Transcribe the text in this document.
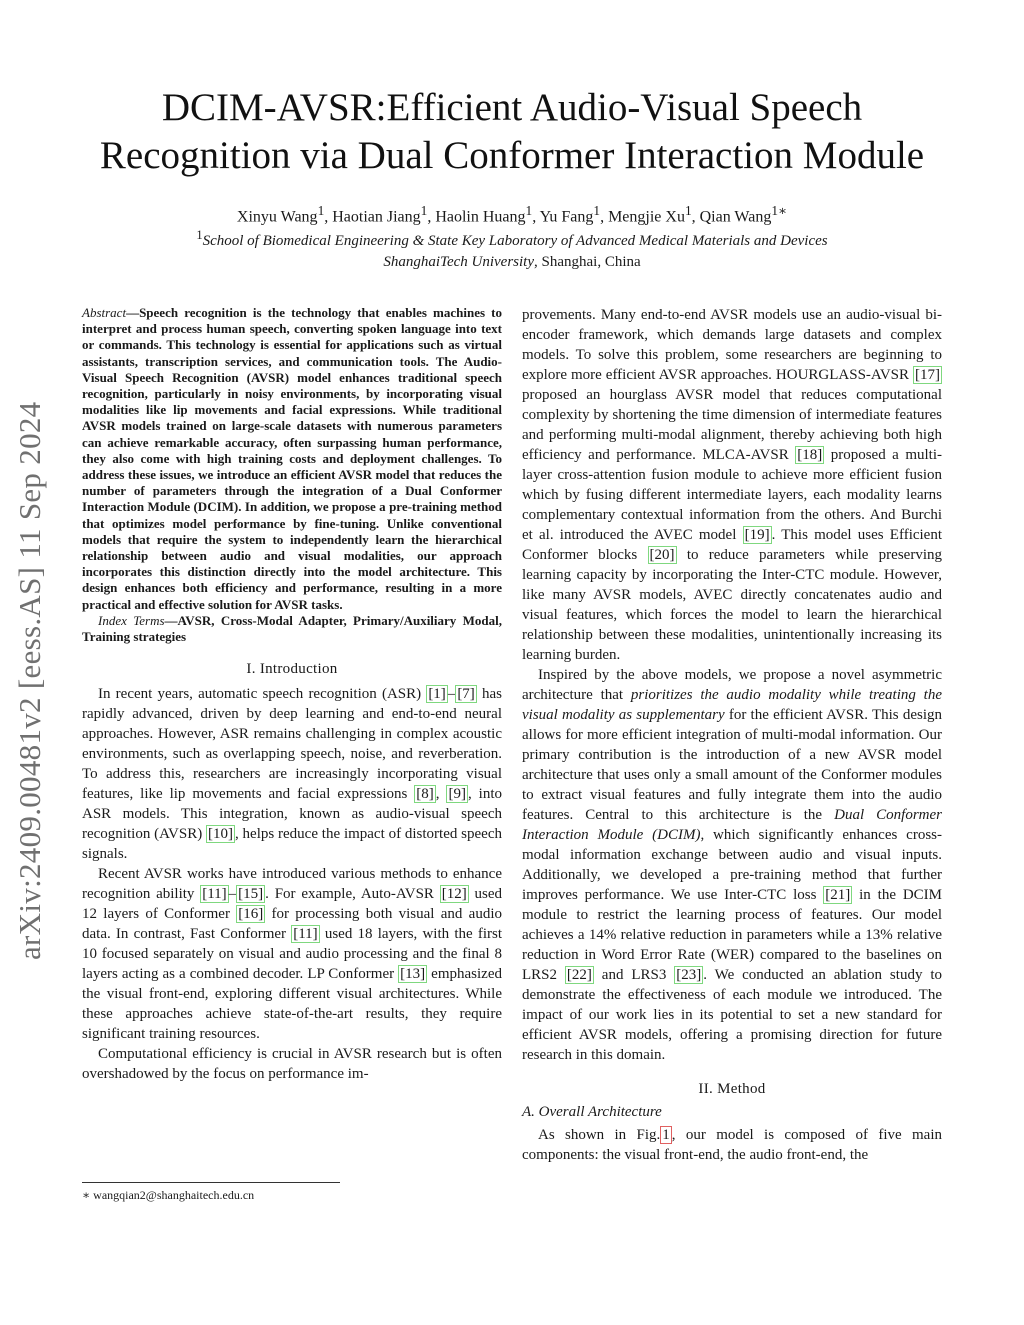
arXiv:2409.00481v2 [eess.AS] 11 Sep 2024
DCIM-AVSR:Efficient Audio-Visual Speech
Recognition via Dual Conformer Interaction Module
Xinyu Wang$^1$, Haotian Jiang$^1$, Haolin Huang$^1$, Yu Fang$^1$, Mengjie Xu$^1$, Qian Wang$^{1∗}$
$^1$School of Biomedical Engineering & State Key Laboratory of Advanced Medical Materials and Devices
ShanghaiTech University, Shanghai, China

Abstract—Speech recognition is the technology that enables machines to interpret and process human speech, converting spoken language into text or commands. This technology is essential for applications such as virtual assistants, transcription services, and communication tools. The Audio-Visual Speech Recognition (AVSR) model enhances traditional speech recognition, particularly in noisy environments, by incorporating visual modalities like lip movements and facial expressions. While traditional AVSR models trained on large-scale datasets with numerous parameters can achieve remarkable accuracy, often surpassing human performance, they also come with high training costs and deployment challenges. To address these issues, we introduce an efficient AVSR model that reduces the number of parameters through the integration of a Dual Conformer Interaction Module (DCIM). In addition, we propose a pre-training method that optimizes model performance by fine-tuning. Unlike conventional models that require the system to independently learn the hierarchical relationship between audio and visual modalities, our approach incorporates this distinction directly into the model architecture. This design enhances both efficiency and performance, resulting in a more practical and effective solution for AVSR tasks.

Index Terms—AVSR, Cross-Modal Adapter, Primary/Auxiliary Modal, Training strategies

I. Introduction

In recent years, automatic speech recognition (ASR) [1] – [7] has rapidly advanced, driven by deep learning and end-to-end neural approaches. However, ASR remains challenging in complex acoustic environments, such as overlapping speech, noise, and reverberation. To address this, researchers are increasingly incorporating visual features, like lip movements and facial expressions [8] , [9] , into ASR models. This integration, known as audio-visual speech recognition (AVSR) [10] , helps reduce the impact of distorted speech signals.

Recent AVSR works have introduced various methods to enhance recognition ability [11] – [15] . For example, Auto-AVSR [12] used 12 layers of Conformer [16] for processing both visual and audio data. In contrast, Fast Conformer [11] used 18 layers, with the first 10 focused separately on visual and audio processing and the final 8 layers acting as a combined decoder. LP Conformer [13] emphasized the visual front-end, exploring different visual architectures. While these approaches achieve state-of-the-art results, they require significant training resources.

Computational efficiency is crucial in AVSR research but is often overshadowed by the focus on performance im-

provements. Many end-to-end AVSR models use an audio-visual bi-encoder framework, which demands large datasets and complex models. To solve this problem, some researchers are beginning to explore more efficient AVSR approaches. HOURGLASS-AVSR [17] proposed an hourglass AVSR model that reduces computational complexity by shortening the time dimension of intermediate features and performing multi-modal alignment, thereby achieving both high efficiency and performance. MLCA-AVSR [18] proposed a multi-layer cross-attention fusion module to achieve more efficient fusion which by fusing different intermediate layers, each modality learns complementary contextual information from the others. And Burchi et al. introduced the AVEC model [19] . This model uses Efficient Conformer blocks [20] to reduce parameters while preserving learning capacity by incorporating the Inter-CTC module. However, like many AVSR models, AVEC directly concatenates audio and visual features, which forces the model to learn the hierarchical relationship between these modalities, unintentionally increasing its learning burden.

Inspired by the above models, we propose a novel asymmetric architecture that prioritizes the audio modality while treating the visual modality as supplementary for the efficient AVSR. This design allows for more efficient integration of multi-modal information. Our primary contribution is the introduction of a new AVSR model architecture that uses only a small amount of the Conformer modules to extract visual features and fully integrate them into the audio features. Central to this architecture is the Dual Conformer Interaction Module (DCIM), which significantly enhances cross-modal information exchange between audio and visual inputs. Additionally, we developed a pre-training method that further improves performance. We use Inter-CTC loss [21] in the DCIM module to restrict the learning process of features. Our model achieves a 14% relative reduction in parameters while a 13% relative reduction in Word Error Rate (WER) compared to the baselines on LRS2 [22] and LRS3 [23] . We conducted an ablation study to demonstrate the effectiveness of each module we introduced. The impact of our work lies in its potential to set a new standard for efficient AVSR models, offering a promising direction for future research in this domain.

II. Method
A. Overall Architecture

As shown in Fig. 1 , our model is composed of five main components: the visual front-end, the audio front-end, the

∗ wangqian2@shanghaitech.edu.cn
